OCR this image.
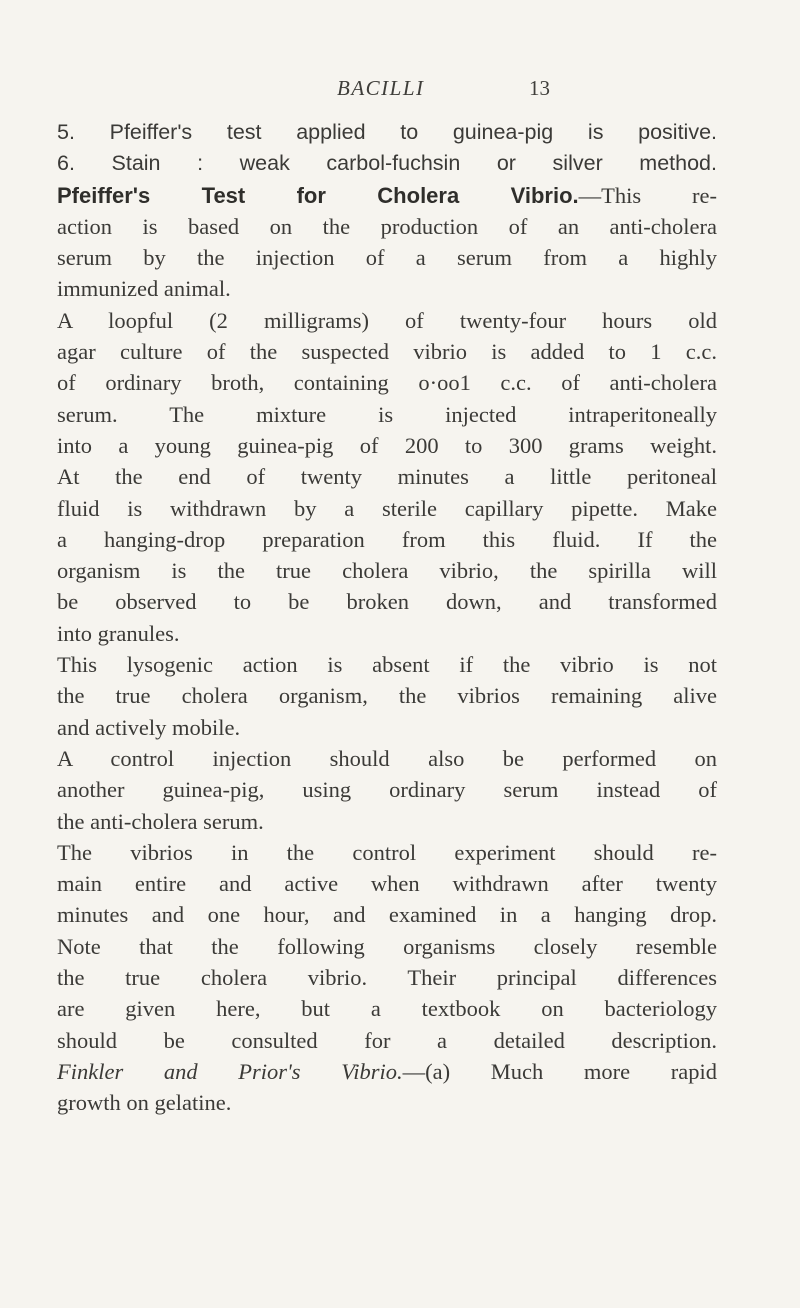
BACILLI	13
5. Pfeiffer's test applied to guinea-pig is positive.
6. Stain : weak carbol-fuchsin or silver method.
Pfeiffer's Test for Cholera Vibrio.—This re-
action is based on the production of an anti-cholera
serum by the injection of a serum from a highly
immunized animal.
A loopful (2 milligrams) of twenty-four hours old
agar culture of the suspected vibrio is added to 1 c.c.
of ordinary broth, containing o·oo1 c.c. of anti-cholera
serum. The mixture is injected intraperitoneally
into a young guinea-pig of 200 to 300 grams weight.
At the end of twenty minutes a little peritoneal
fluid is withdrawn by a sterile capillary pipette. Make
a hanging-drop preparation from this fluid. If the
organism is the true cholera vibrio, the spirilla will
be observed to be broken down, and transformed
into granules.
This lysogenic action is absent if the vibrio is not
the true cholera organism, the vibrios remaining alive
and actively mobile.
A control injection should also be performed on
another guinea-pig, using ordinary serum instead of
the anti-cholera serum.
The vibrios in the control experiment should re-
main entire and active when withdrawn after twenty
minutes and one hour, and examined in a hanging drop.
Note that the following organisms closely resemble
the true cholera vibrio. Their principal differences
are given here, but a textbook on bacteriology
should be consulted for a detailed description.
Finkler and Prior's Vibrio.—(a) Much more rapid
growth on gelatine.
